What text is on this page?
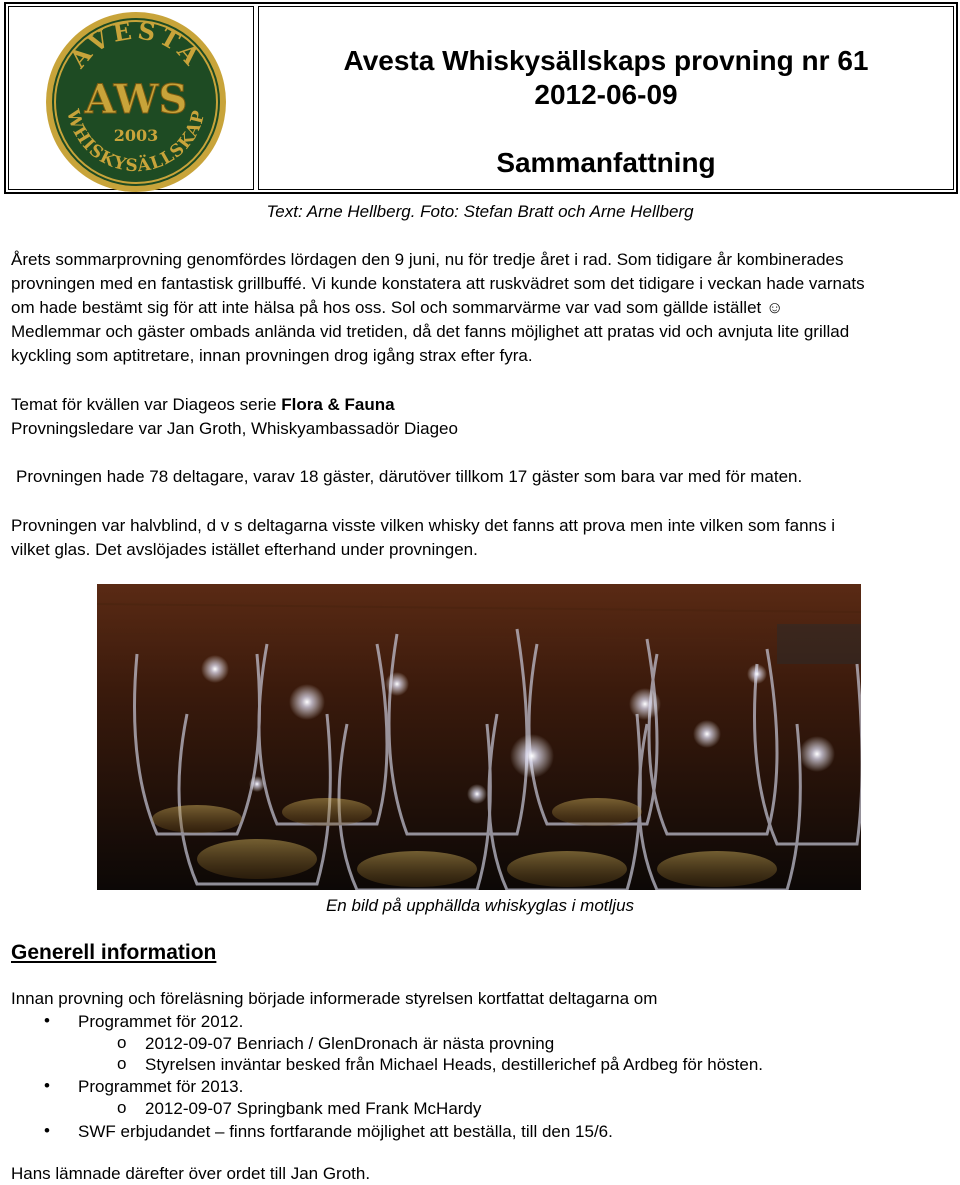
AVESTA
WHISKYSÄLLSKAP
AWS
2003
Avesta Whiskysällskaps provning nr 61
2012-06-09
Sammanfattning
Text: Arne Hellberg. Foto: Stefan Bratt och Arne Hellberg
Årets sommarprovning genomfördes lördagen den 9 juni, nu för tredje året i rad. Som tidigare år kombinerades
provningen med en fantastisk grillbuffé. Vi kunde konstatera att ruskvädret som det tidigare i veckan hade varnats
om hade bestämt sig för att inte hälsa på hos oss. Sol och sommarvärme var vad som gällde istället ☺
Medlemmar och gäster ombads anlända vid tretiden, då det fanns möjlighet att pratas vid och avnjuta lite grillad
kyckling som aptitretare, innan provningen drog igång strax efter fyra.
Temat för kvällen var Diageos serie Flora & Fauna
Provningsledare var Jan Groth, Whiskyambassadör Diageo
Provningen hade 78 deltagare, varav 18 gäster, därutöver tillkom 17 gäster som bara var med för maten.
Provningen var halvblind, d v s deltagarna visste vilken whisky det fanns att prova men inte vilken som fanns i
vilket glas. Det avslöjades istället efterhand under provningen.
En bild på upphällda whiskyglas i motljus
Generell information
Innan provning och föreläsning började informerade styrelsen kortfattat deltagarna om
• Programmet för 2012.
o 2012-09-07 Benriach / GlenDronach är nästa provning
o Styrelsen inväntar besked från Michael Heads, destillerichef på Ardbeg för hösten.
• Programmet för 2013.
o 2012-09-07 Springbank med Frank McHardy
• SWF erbjudandet – finns fortfarande möjlighet att beställa, till den 15/6.
Hans lämnade därefter över ordet till Jan Groth.
